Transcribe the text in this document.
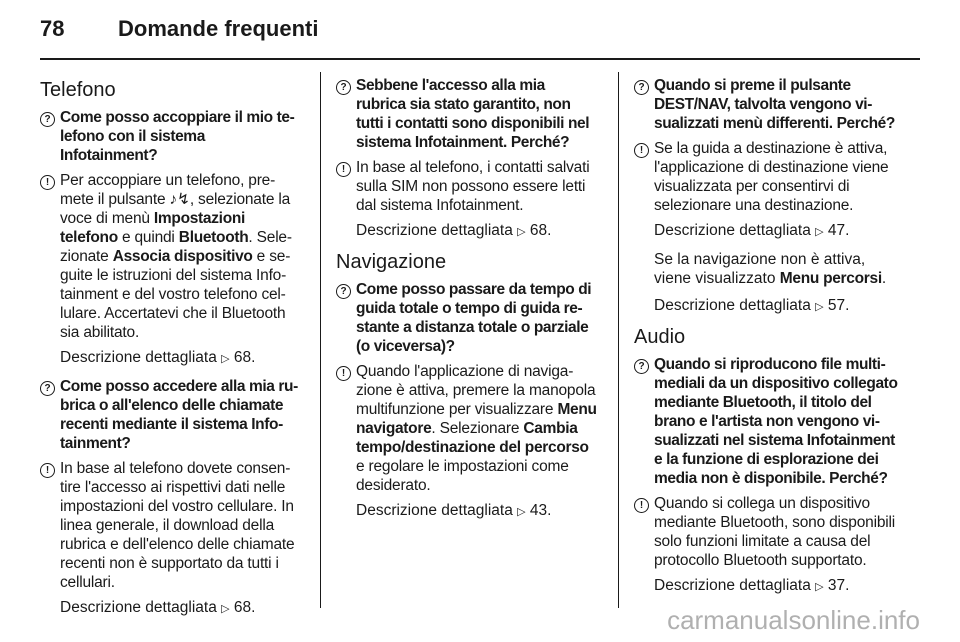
78	Domande frequenti
Telefono
? Come posso accoppiare il mio telefono con il sistema Infotainment?
! Per accoppiare un telefono, premete il pulsante ♪↯, selezionate la voce di menù Impostazioni telefono e quindi Bluetooth. Selezionate Associa dispositivo e seguite le istruzioni del sistema Infotainment e del vostro telefono cellulare. Accertatevi che il Bluetooth sia abilitato.
Descrizione dettagliata ▷ 68.
? Come posso accedere alla mia rubrica o all'elenco delle chiamate recenti mediante il sistema Infotainment?
! In base al telefono dovete consentire l'accesso ai rispettivi dati nelle impostazioni del vostro cellulare. In linea generale, il download della rubrica e dell'elenco delle chiamate recenti non è supportato da tutti i cellulari.
Descrizione dettagliata ▷ 68.
? Sebbene l'accesso alla mia rubrica sia stato garantito, non tutti i contatti sono disponibili nel sistema Infotainment. Perché?
! In base al telefono, i contatti salvati sulla SIM non possono essere letti dal sistema Infotainment.
Descrizione dettagliata ▷ 68.
Navigazione
? Come posso passare da tempo di guida totale o tempo di guida restante a distanza totale o parziale (o viceversa)?
! Quando l'applicazione di navigazione è attiva, premere la manopola multifunzione per visualizzare Menu navigatore. Selezionare Cambia tempo/destinazione del percorso e regolare le impostazioni come desiderato.
Descrizione dettagliata ▷ 43.
? Quando si preme il pulsante DEST/NAV, talvolta vengono visualizzati menù differenti. Perché?
! Se la guida a destinazione è attiva, l'applicazione di destinazione viene visualizzata per consentirvi di selezionare una destinazione.
Descrizione dettagliata ▷ 47.
Se la navigazione non è attiva, viene visualizzato Menu percorsi.
Descrizione dettagliata ▷ 57.
Audio
? Quando si riproducono file multimediali da un dispositivo collegato mediante Bluetooth, il titolo del brano e l'artista non vengono visualizzati nel sistema Infotainment e la funzione di esplorazione dei media non è disponibile. Perché?
! Quando si collega un dispositivo mediante Bluetooth, sono disponibili solo funzioni limitate a causa del protocollo Bluetooth supportato.
Descrizione dettagliata ▷ 37.
carmanualsonline.info
